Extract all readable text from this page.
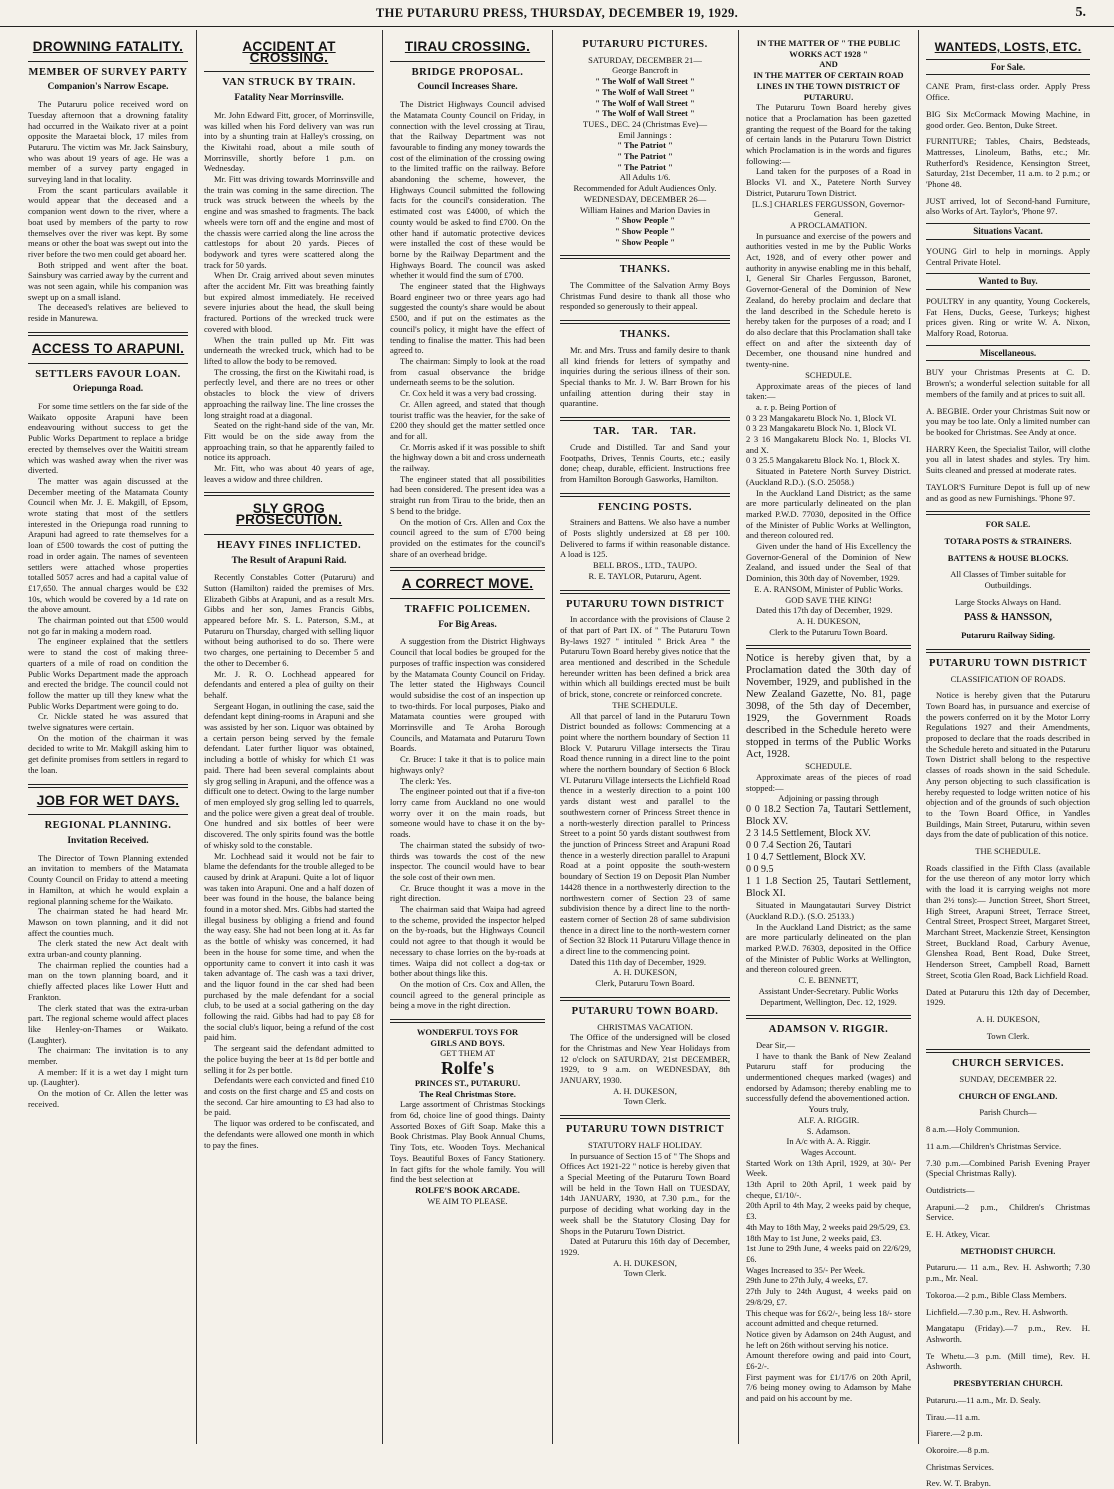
THE PUTARURU PRESS, THURSDAY, DECEMBER 19, 1929.	5.
DROWNING FATALITY.
MEMBER OF SURVEY PARTY
Companion's Narrow Escape.

The Putaruru police received word on Tuesday afternoon that a drowning fatality had occurred in the Waikato river at a point opposite the Maraetai block, 17 miles from Putaruru. The victim was Mr. Jack Sainsbury, who was about 19 years of age. He was a member of a survey party engaged in surveying land in that locality.

From the scant particulars available it would appear that the deceased and a companion went down to the river, where a boat used by members of the party to row themselves over the river was kept. By some means or other the boat was swept out into the river before the two men could get aboard her.

Both stripped and went after the boat. Sainsbury was carried away by the current and was not seen again, while his companion was swept up on a small island.

The deceased's relatives are believed to reside in Manurewa.

ACCESS TO ARAPUNI.
SETTLERS FAVOUR LOAN.
Oriepunga Road.

For some time settlers on the far side of the Waikato opposite Arapuni have been endeavouring without success to get the Public Works Department to replace a bridge erected by themselves over the Waititi stream which was washed away when the river was diverted.

The matter was again discussed at the December meeting of the Matamata County Council when Mr. J. E. Makgill, of Epsom, wrote stating that most of the settlers interested in the Oriepunga road running to Arapuni had agreed to rate themselves for a loan of £500 towards the cost of putting the road in order again. The names of seventeen settlers were attached whose properties totalled 5057 acres and had a capital value of £17,650. The annual charges would be £32 10s, which would be covered by a 1d rate on the above amount.

The chairman pointed out that £500 would not go far in making a modern road.

The engineer explained that the settlers were to stand the cost of making three-quarters of a mile of road on condition the Public Works Department made the approach and erected the bridge. The council could not follow the matter up till they knew what the Public Works Department were going to do.

Cr. Nickle stated he was assured that twelve signatures were certain.

On the motion of the chairman it was decided to write to Mr. Makgill asking him to get definite promises from settlers in regard to the loan.

JOB FOR WET DAYS.
REGIONAL PLANNING.
Invitation Received.

The Director of Town Planning extended an invitation to members of the Matamata County Council on Friday to attend a meeting in Hamilton, at which he would explain a regional planning scheme for the Waikato.

The chairman stated he had heard Mr. Mawson on town planning, and it did not affect the counties much.

The clerk stated the new Act dealt with extra urban-and county planning.

The chairman replied the counties had a man on the town planning board, and it chiefly affected places like Lower Hutt and Frankton.

The clerk stated that was the extra-urban part. The regional scheme would affect places like Henley-on-Thames or Waikato. (Laughter).

The chairman: The invitation is to any member.

A member: If it is a wet day I might turn up. (Laughter).

On the motion of Cr. Allen the letter was received.

ACCIDENT AT CROSSING.
VAN STRUCK BY TRAIN.
Fatality Near Morrinsville.

Mr. John Edward Fitt, grocer, of Morrinsville, was killed when his Ford delivery van was run into by a shunting train at Halley's crossing, on the Kiwitahi road, about a mile south of Morrinsville, shortly before 1 p.m. on Wednesday.

Mr. Fitt was driving towards Morrinsville and the train was coming in the same direction. The truck was struck between the wheels by the engine and was smashed to fragments. The back wheels were torn off and the engine and most of the chassis were carried along the line across the cattlestops for about 20 yards. Pieces of bodywork and tyres were scattered along the track for 50 yards.

When Dr. Craig arrived about seven minutes after the accident Mr. Fitt was breathing faintly but expired almost immediately. He received severe injuries about the head, the skull being fractured. Portions of the wrecked truck were covered with blood.

When the train pulled up Mr. Fitt was underneath the wrecked truck, which had to be lifted to allow the body to be removed.

The crossing, the first on the Kiwitahi road, is perfectly level, and there are no trees or other obstacles to block the view of drivers approaching the railway line. The line crosses the long straight road at a diagonal.

Seated on the right-hand side of the van, Mr. Fitt would be on the side away from the approaching train, so that he apparently failed to notice its approach.

Mr. Fitt, who was about 40 years of age, leaves a widow and three children.

SLY GROG PROSECUTION.
HEAVY FINES INFLICTED.
The Result of Arapuni Raid.

Recently Constables Cotter (Putaruru) and Sutton (Hamilton) raided the premises of Mrs. Elizabeth Gibbs at Arapuni, and as a result Mrs. Gibbs and her son, James Francis Gibbs, appeared before Mr. S. L. Paterson, S.M., at Putaruru on Thursday, charged with selling liquor without being authorised to do so. There were two charges, one pertaining to December 5 and the other to December 6.

Mr. J. R. O. Lochhead appeared for defendants and entered a plea of guilty on their behalf.

Sergeant Hogan, in outlining the case, said the defendant kept dining-rooms in Arapuni and she was assisted by her son. Liquor was obtained by a certain person being served by the female defendant. Later further liquor was obtained, including a bottle of whisky for which £1 was paid. There had been several complaints about sly grog selling in Arapuni, and the offence was a difficult one to detect. Owing to the large number of men employed sly grog selling led to quarrels, and the police were given a great deal of trouble. One hundred and six bottles of beer were discovered. The only spirits found was the bottle of whisky sold to the constable.

Mr. Lochhead said it would not be fair to blame the defendants for the trouble alleged to be caused by drink at Arapuni. Quite a lot of liquor was taken into Arapuni. One and a half dozen of beer was found in the house, the balance being found in a motor shed. Mrs. Gibbs had started the illegal business by obliging a friend and found the way easy. She had not been long at it. As far as the bottle of whisky was concerned, it had been in the house for some time, and when the opportunity came to convert it into cash it was taken advantage of. The cash was a taxi driver, and the liquor found in the car shed had been purchased by the male defendant for a social club, to be used at a social gathering on the day following the raid. Gibbs had had to pay £8 for the social club's liquor, being a refund of the cost paid him.

The sergeant said the defendant admitted to the police buying the beer at 1s 8d per bottle and selling it for 2s per bottle.

Defendants were each convicted and fined £10 and costs on the first charge and £5 and costs on the second. Car hire amounting to £3 had also to be paid.

The liquor was ordered to be confiscated, and the defendants were allowed one month in which to pay the fines.

TIRAU CROSSING.
BRIDGE PROPOSAL.
Council Increases Share.

The District Highways Council advised the Matamata County Council on Friday, in connection with the level crossing at Tirau, that the Railway Department was not favourable to finding any money towards the cost of the elimination of the crossing owing to the limited traffic on the railway. Before abandoning the scheme, however, the Highways Council submitted the following facts for the council's consideration. The estimated cost was £4000, of which the county would be asked to find £700. On the other hand if automatic protective devices were installed the cost of these would be borne by the Railway Department and the Highways Board. The council was asked whether it would find the sum of £700.

The engineer stated that the Highways Board engineer two or three years ago had suggested the county's share would be about £500, and if put on the estimates as the council's policy, it might have the effect of tending to finalise the matter. This had been agreed to.

The chairman: Simply to look at the road from casual observance the bridge underneath seems to be the solution.

Cr. Cox held it was a very bad crossing.

Cr. Allen agreed, and stated that though tourist traffic was the heavier, for the sake of £200 they should get the matter settled once and for all.

Cr. Morris asked if it was possible to shift the highway down a bit and cross underneath the railway.

The engineer stated that all possibilities had been considered. The present idea was a straight run from Tirau to the bride, then an S bend to the bridge.

On the motion of Crs. Allen and Cox the council agreed to the sum of £700 being provided on the estimates for the council's share of an overhead bridge.

A CORRECT MOVE.
TRAFFIC POLICEMEN.
For Big Areas.

A suggestion from the District Highways Council that local bodies be grouped for the purposes of traffic inspection was considered by the Matamata County Council on Friday. The letter stated the Highways Council would subsidise the cost of an inspection up to two-thirds. For local purposes, Piako and Matamata counties were grouped with Morrinsville and Te Aroha Borough Councils, and Matamata and Putaruru Town Boards.

Cr. Bruce: I take it that is to police main highways only?

The clerk: Yes.

The engineer pointed out that if a five-ton lorry came from Auckland no one would worry over it on the main roads, but someone would have to chase it on the by-roads.

The chairman stated the subsidy of two-thirds was towards the cost of the new inspector. The council would have to bear the sole cost of their own men.

Cr. Bruce thought it was a move in the right direction.

The chairman said that Waipa had agreed to the scheme, provided the inspector helped on the by-roads, but the Highways Council could not agree to that though it would be necessary to chase lorries on the by-roads at times. Waipa did not collect a dog-tax or bother about things like this.

On the motion of Crs. Cox and Allen, the council agreed to the general principle as being a move in the right direction.

WONDERFUL TOYS FOR

GIRLS AND BOYS.

GET THEM AT

Rolfe's

PRINCES ST., PUTARURU.

The Real Christmas Store.

Large assortment of Christmas Stockings from 6d, choice line of good things. Dainty Assorted Boxes of Gift Soap. Make this a Book Christmas. Play Book Annual Chums, Tiny Tots, etc. Wooden Toys. Mechanical Toys. Beautiful Boxes of Fancy Stationery. In fact gifts for the whole family. You will find the best selection at

ROLFE'S BOOK ARCADE.

WE AIM TO PLEASE.

PUTARURU PICTURES.

SATURDAY, DECEMBER 21—

George Bancroft in

" The Wolf of Wall Street "

" The Wolf of Wall Street "

" The Wolf of Wall Street "

" The Wolf of Wall Street "

TUES., DEC. 24 (Christmas Eve)—

Emil Jannings :

" The Patriot "

" The Patriot "

" The Patriot "

All Adults 1/6.

Recommended for Adult Audiences Only.

WEDNESDAY, DECEMBER 26—

William Haines and Marion Davies in

" Show People "

" Show People "

" Show People "

THANKS.

The Committee of the Salvation Army Boys Christmas Fund desire to thank all those who responded so generously to their appeal.

THANKS.

Mr. and Mrs. Truss and family desire to thank all kind friends for letters of sympathy and inquiries during the serious illness of their son. Special thanks to Mr. J. W. Barr Brown for his unfailing attention during their stay in quarantine.

TAR.    TAR.    TAR.

Crude and Distilled. Tar and Sand your Footpaths, Drives, Tennis Courts, etc.; easily done; cheap, durable, efficient. Instructions free from Hamilton Borough Gasworks, Hamilton.

FENCING POSTS.

Strainers and Battens. We also have a number of Posts slightly undersized at £8 per 100. Delivered to farms if within reasonable distance. A load is 125.

BELL BROS., LTD., TAUPO.

R. E. TAYLOR, Putaruru, Agent.

PUTARURU TOWN DISTRICT

In accordance with the provisions of Clause 2 of that part of Part IX. of " The Putaruru Town By-laws 1927 " intituled " Brick Area " the Putaruru Town Board hereby gives notice that the area mentioned and described in the Schedule hereunder written has been defined a brick area within which all buildings erected must be built of brick, stone, concrete or reinforced concrete.

THE SCHEDULE.

All that parcel of land in the Putaruru Town District bounded as follows: Commencing at a point where the northern boundary of Section 11 Block V. Putaruru Village intersects the Tirau Road thence running in a direct line to the point where the northern boundary of Section 6 Block VI. Putaruru Village intersects the Lichfield Road thence in a westerly direction to a point 100 yards distant west and parallel to the southwestern corner of Princess Street thence in a north-westerly direction parallel to Princess Street to a point 50 yards distant southwest from the junction of Princess Street and Arapuni Road thence in a westerly direction parallel to Arapuni Road at a point opposite the south-western boundary of Section 19 on Deposit Plan Number 14428 thence in a northwesterly direction to the northwestern corner of Section 23 of same subdivision thence by a direct line to the north-eastern corner of Section 28 of same subdivision thence in a direct line to the north-western corner of Section 32 Block 11 Putaruru Village thence in a direct line to the commencing point.

Dated this 11th day of December, 1929.

A. H. DUKESON,

Clerk, Putaruru Town Board.

PUTARURU TOWN BOARD.

CHRISTMAS VACATION.

The Office of the undersigned will be closed for the Christmas and New Year Holidays from 12 o'clock on SATURDAY, 21st DECEMBER, 1929, to 9 a.m. on WEDNESDAY, 8th JANUARY, 1930.

A. H. DUKESON,

Town Clerk.

PUTARURU TOWN DISTRICT

STATUTORY HALF HOLIDAY.

In pursuance of Section 15 of " The Shops and Offices Act 1921-22 " notice is hereby given that a Special Meeting of the Putaruru Town Board will be held in the Town Hall on TUESDAY, 14th JANUARY, 1930, at 7.30 p.m., for the purpose of deciding what working day in the week shall be the Statutory Closing Day for Shops in the Putaruru Town District.

Dated at Putaruru this 16th day of December, 1929.

A. H. DUKESON,

Town Clerk.

IN THE MATTER OF " THE PUBLIC WORKS ACT 1928 "

AND

IN THE MATTER OF CERTAIN ROAD LINES IN THE TOWN DISTRICT OF PUTARURU.

The Putaruru Town Board hereby gives notice that a Proclamation has been gazetted granting the request of the Board for the taking of certain lands in the Putaruru Town District which Proclamation is in the words and figures following:—

Land taken for the purposes of a Road in Blocks VI. and X., Patetere North Survey District, Putaruru Town District.

[L.S.] CHARLES FERGUSSON, Governor-General.

A PROCLAMATION.

In pursuance and exercise of the powers and authorities vested in me by the Public Works Act, 1928, and of every other power and authority in anywise enabling me in this behalf, I, General Sir Charles Fergusson, Baronet, Governor-General of the Dominion of New Zealand, do hereby proclaim and declare that the land described in the Schedule hereto is hereby taken for the purposes of a road; and I do also declare that this Proclamation shall take effect on and after the sixteenth day of December, one thousand nine hundred and twenty-nine.

SCHEDULE.

Approximate areas of the pieces of land taken:—

a. r. p. Being Portion of

0 3 23 Mangakaretu Block No. 1, Block VI.

0 3 23 Mangakaretu Block No. 1, Block VI.

2 3 16 Mangakaretu Block No. 1, Blocks VI. and X.

0 3 25.5 Mangakaretu Block No. 1, Block X.

Situated in Patetere North Survey District. (Auckland R.D.). (S.O. 25058.)

In the Auckland Land District; as the same are more particularly delineated on the plan marked P.W.D. 77030, deposited in the Office of the Minister of Public Works at Wellington, and thereon coloured red.

Given under the hand of His Excellency the Governor-General of the Dominion of New Zealand, and issued under the Seal of that Dominion, this 30th day of November, 1929.

E. A. RANSOM, Minister of Public Works.

GOD SAVE THE KING!

Dated this 17th day of December, 1929.

A. H. DUKESON,

Clerk to the Putaruru Town Board.

Notice is hereby given that, by a Proclamation dated the 30th day of November, 1929, and published in the New Zealand Gazette, No. 81, page 3098, of the 5th day of December, 1929, the Government Roads described in the Schedule hereto were stopped in terms of the Public Works Act, 1928.

SCHEDULE.

Approximate areas of the pieces of road stopped:—

Adjoining or passing through

0 0 18.2 Section 7a, Tautari Settlement, Block XV.

2 3 14.5 Settlement, Block XV.

0 0 7.4 Section 26, Tautari

1 0 4.7 Settlement, Block XV.

0 0 9.5

1 1 1.8 Section 25, Tautari Settlement, Block XI.

Situated in Maungatautari Survey District (Auckland R.D.). (S.O. 25133.)

In the Auckland Land District; as the same are more particularly delineated on the plan marked P.W.D. 76303, deposited in the Office of the Minister of Public Works at Wellington, and thereon coloured green.

C. E. BENNETT,

Assistant Under-Secretary. Public Works Department, Wellington, Dec. 12, 1929.

ADAMSON V. RIGGIR.

Dear Sir,—

I have to thank the Bank of New Zealand Putaruru staff for producing the undermentioned cheques marked (wages) and endorsed by Adamson; thereby enabling me to successfully defend the abovementioned action.

Yours truly,

ALF. A. RIGGIR.

S. Adamson.

In A/c with A. A. Riggir.

Wages Account.

Started Work on 13th April, 1929, at 30/- Per Week.

13th April to 20th April, 1 week paid by cheque, £1/10/-.

20th April to 4th May, 2 weeks paid by cheque, £3.

4th May to 18th May, 2 weeks paid 29/5/29, £3.

18th May to 1st June, 2 weeks paid, £3.

1st June to 29th June, 4 weeks paid on 22/6/29, £6.

Wages Increased to 35/- Per Week.

29th June to 27th July, 4 weeks, £7.

27th July to 24th August, 4 weeks paid on 29/8/29, £7.

This cheque was for £6/2/-, being less 18/- store account admitted and cheque returned.

Notice given by Adamson on 24th August, and he left on 26th without serving his notice.

Amount therefore owing and paid into Court, £6-2/-.

First payment was for £1/17/6 on 20th April, 7/6 being money owing to Adamson by Mahe and paid on his account by me.

WANTEDS, LOSTS, ETC.
For Sale.

CANE Pram, first-class order. Apply Press Office.

BIG Six McCormack Mowing Machine, in good order. Geo. Benton, Duke Street.

FURNITURE; Tables, Chairs, Bedsteads, Mattresses, Linoleum, Baths, etc.; Mr. Rutherford's Residence, Kensington Street, Saturday, 21st December, 11 a.m. to 2 p.m.; or 'Phone 48.

JUST arrived, lot of Second-hand Furniture, also Works of Art. Taylor's, 'Phone 97.

Situations Vacant.

YOUNG Girl to help in mornings. Apply Central Private Hotel.

Wanted to Buy.

POULTRY in any quantity, Young Cockerels, Fat Hens, Ducks, Geese, Turkeys; highest prices given. Ring or write W. A. Nixon, Malfory Road, Rotorua.

Miscellaneous.

BUY your Christmas Presents at C. D. Brown's; a wonderful selection suitable for all members of the family and at prices to suit all.

A. BEGBIE. Order your Christmas Suit now or you may be too late. Only a limited number can be booked for Christmas. See Andy at once.

HARRY Keen, the Specialist Tailor, will clothe you all in latest shades and styles. Try him. Suits cleaned and pressed at moderate rates.

TAYLOR'S Furniture Depot is full up of new and as good as new Furnishings. 'Phone 97.

FOR SALE.

TOTARA POSTS & STRAINERS.

BATTENS & HOUSE BLOCKS.

All Classes of Timber suitable for Outbuildings.

Large Stocks Always on Hand.

PASS & HANSSON,

Putaruru Railway Siding.

PUTARURU TOWN DISTRICT

CLASSIFICATION OF ROADS.

Notice is hereby given that the Putaruru Town Board has, in pursuance and exercise of the powers conferred on it by the Motor Lorry Regulations 1927 and their Amendments, proposed to declare that the roads described in the Schedule hereto and situated in the Putaruru Town District shall belong to the respective classes of roads shown in the said Schedule. Any person objecting to such classification is hereby requested to lodge written notice of his objection and of the grounds of such objection to the Town Board Office, in Yandles Buildings, Main Street, Putaruru, within seven days from the date of publication of this notice.

THE SCHEDULE.

Roads classified in the Fifth Class (available for the use thereon of any motor lorry which with the load it is carrying weighs not more than 2½ tons):— Junction Street, Short Street, High Street, Arapuni Street, Terrace Street, Central Street, Prospect Street, Margaret Street, Marchant Street, Mackenzie Street, Kensington Street, Buckland Road, Carbury Avenue, Glenshea Road, Bent Road, Duke Street, Henderson Street, Campbell Road, Barnett Street, Scotia Glen Road, Back Lichfield Road.

Dated at Putaruru this 12th day of December, 1929.

A. H. DUKESON,

Town Clerk.

CHURCH SERVICES.

SUNDAY, DECEMBER 22.

CHURCH OF ENGLAND.

Parish Church—

8 a.m.—Holy Communion.

11 a.m.—Children's Christmas Service.

7.30 p.m.—Combined Parish Evening Prayer (Special Christmas Rally).

Outdistricts—

Arapuni.—2 p.m., Children's Christmas Service.

E. H. Atkey, Vicar.

METHODIST CHURCH.

Putaruru.— 11 a.m., Rev. H. Ashworth; 7.30 p.m., Mr. Neal.

Tokoroa.—2 p.m., Bible Class Members.

Lichfield.—7.30 p.m., Rev. H. Ashworth.

Mangatapu (Friday).—7 p.m., Rev. H. Ashworth.

Te Whetu.—3 p.m. (Mill time), Rev. H. Ashworth.

PRESBYTERIAN CHURCH.

Putaruru.—11 a.m., Mr. D. Sealy.

Tirau.—11 a.m.

Fiarere.—2 p.m.

Okoroire.—8 p.m.

Christmas Services.

Rev. W. T. Brabyn.
